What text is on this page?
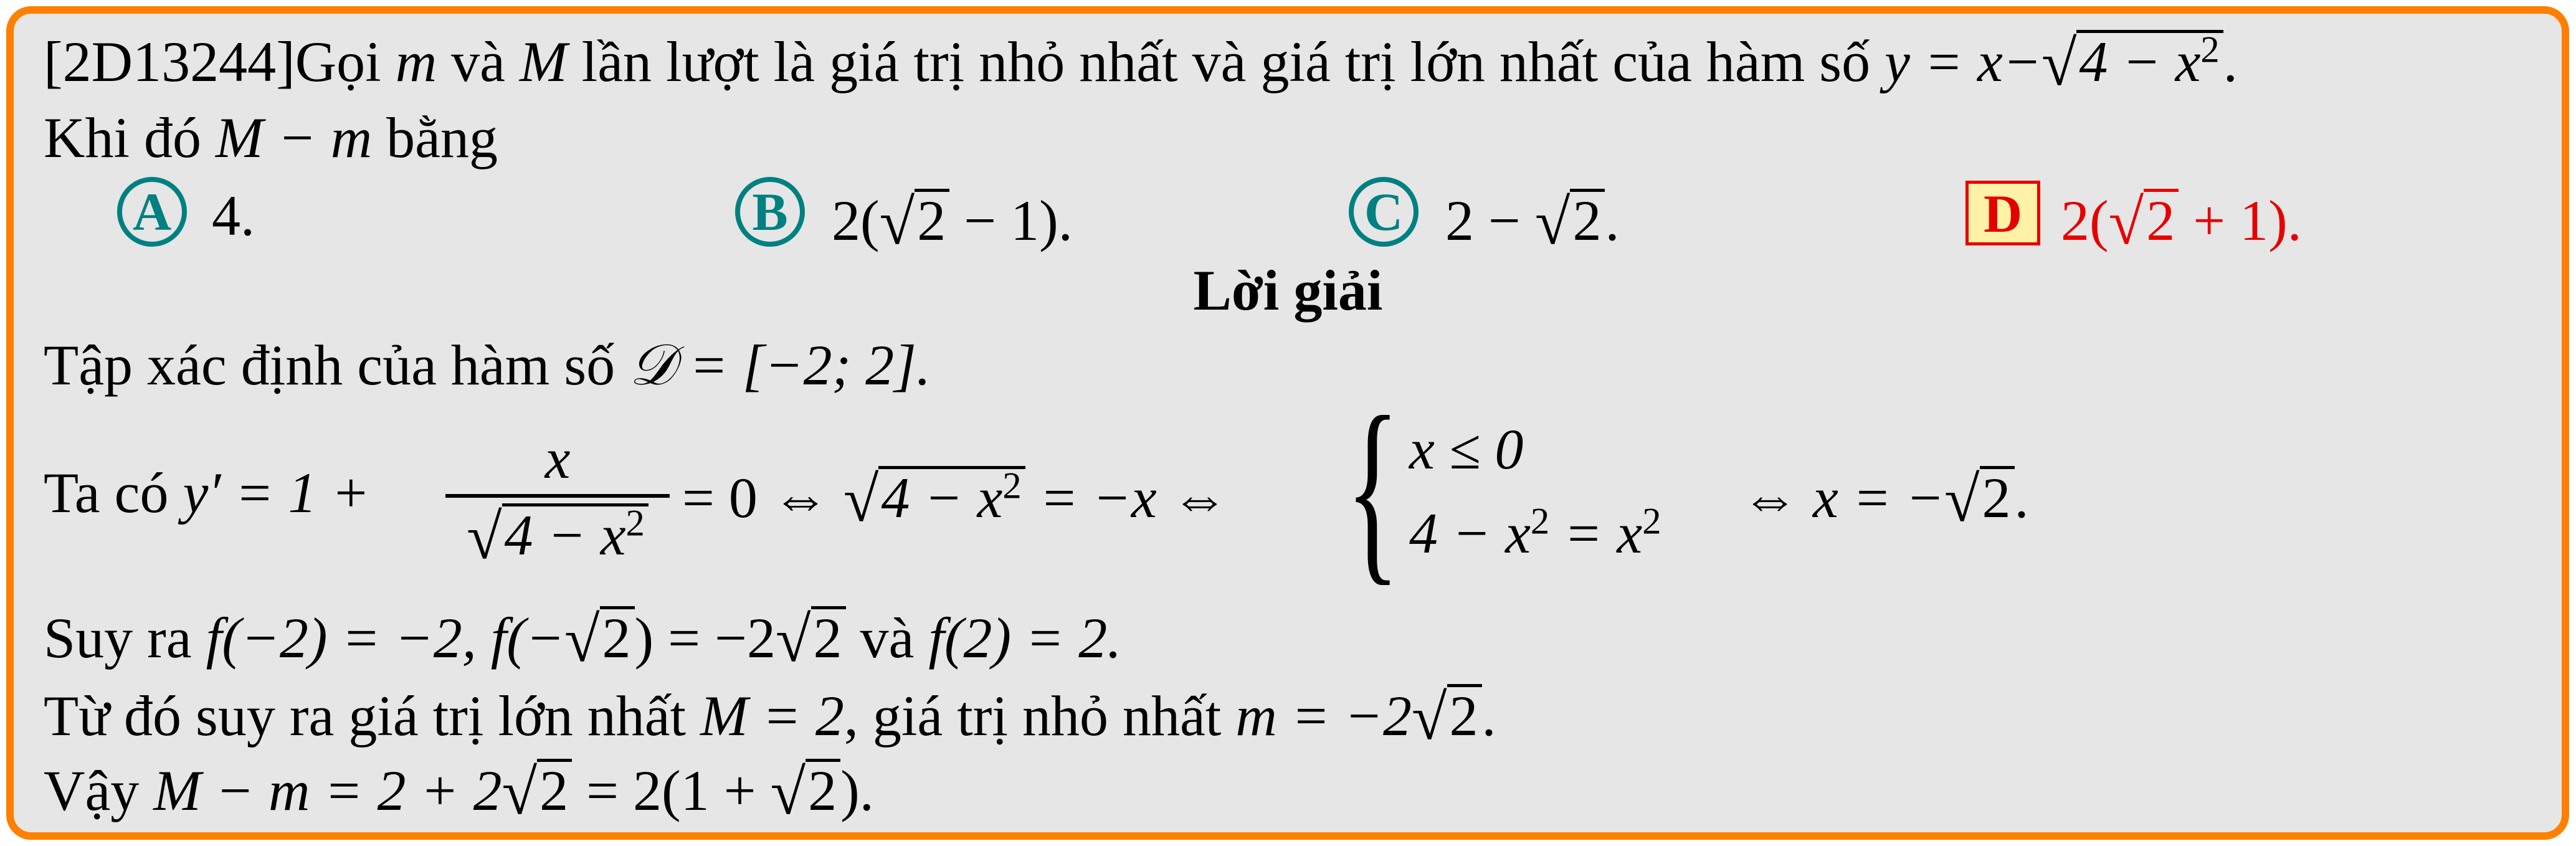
[2D13244]Gọi m và M lần lượt là giá trị nhỏ nhất và giá trị lớn nhất của hàm số $y = x-√4 - x^2$.
Khi đó M − m bằng
A 4.	B 2(√2 − 1).	C 2 − √2.	D 2(√2 + 1).
Lời giải
Tập xác định của hàm số 𝒟 = [−2; 2].
Ta có y′ = 1 +
x
$√4 - x^2 = 0$ ⇔ $√4 - x^2 = -x$ ⇔ { x ≤ 0
$4 - x^2 = x^2$ ⇔ x = −√2.
Suy ra f(−2) = −2, f(−√2) = −2√2 và f(2) = 2.
Từ đó suy ra giá trị lớn nhất M = 2, giá trị nhỏ nhất m = −2√2.
Vậy M − m = 2 + 2√2 = 2(1 + √2).
